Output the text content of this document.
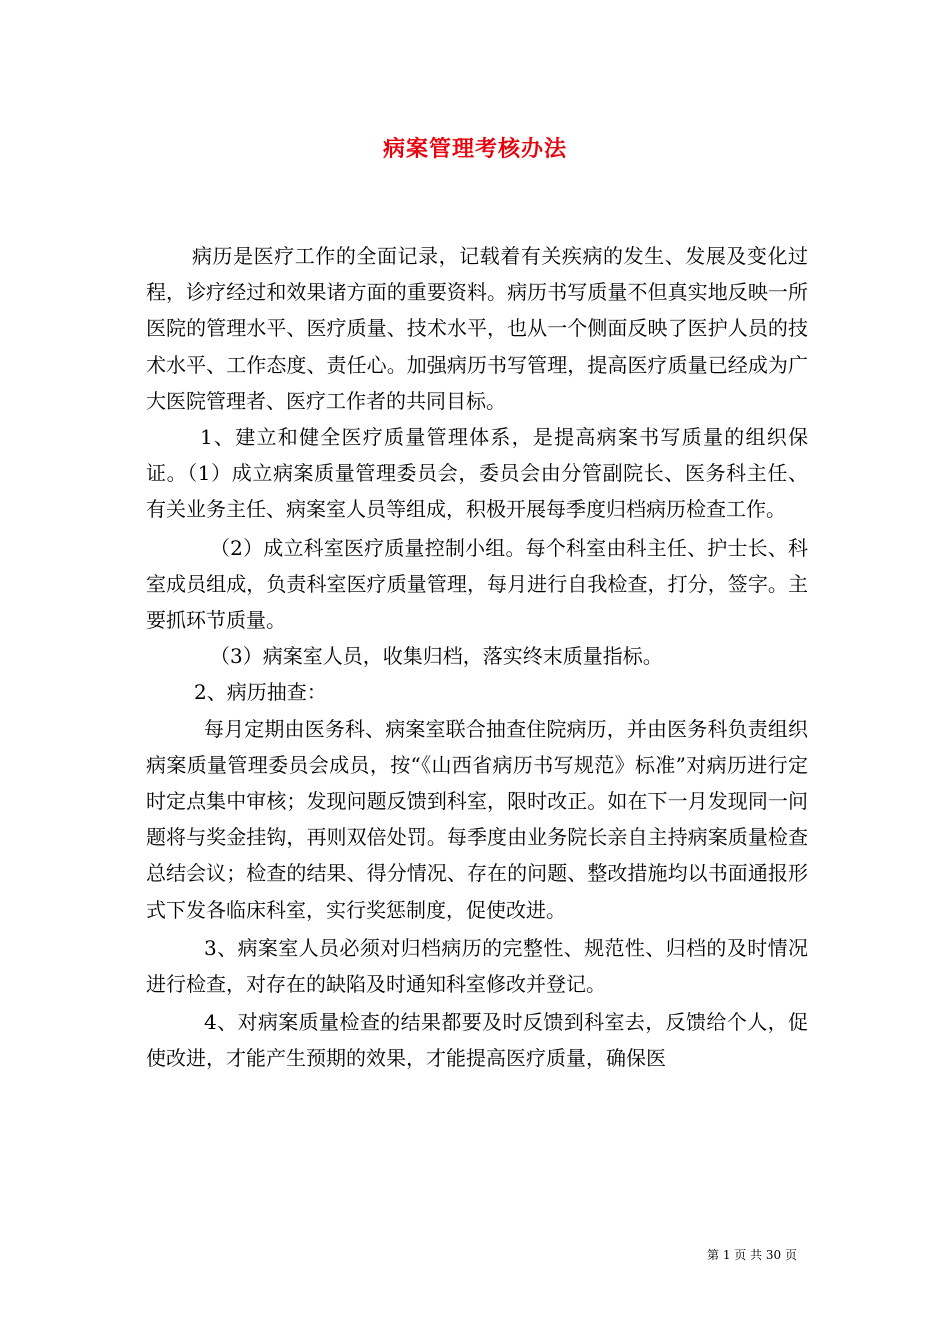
病案管理考核办法

病历是医疗工作的全面记录，记载着有关疾病的发生、发展及变化过程，诊疗经过和效果诸方面的重要资料。病历书写质量不但真实地反映一所医院的管理水平、医疗质量、技术水平，也从一个侧面反映了医护人员的技术水平、工作态度、责任心。加强病历书写管理，提高医疗质量已经成为广大医院管理者、医疗工作者的共同目标。

1、建立和健全医疗质量管理体系，是提高病案书写质量的组织保证。（1）成立病案质量管理委员会，委员会由分管副院长、医务科主任、有关业务主任、病案室人员等组成，积极开展每季度归档病历检查工作。

（2）成立科室医疗质量控制小组。每个科室由科主任、护士长、科室成员组成，负责科室医疗质量管理，每月进行自我检查，打分，签字。主要抓环节质量。

（3）病案室人员，收集归档，落实终末质量指标。

2、病历抽查：

每月定期由医务科、病案室联合抽查住院病历，并由医务科负责组织病案质量管理委员会成员，按“《山西省病历书写规范》标准”对病历进行定时定点集中审核；发现问题反馈到科室，限时改正。如在下一月发现同一问题将与奖金挂钩，再则双倍处罚。每季度由业务院长亲自主持病案质量检查总结会议；检查的结果、得分情况、存在的问题、整改措施均以书面通报形式下发各临床科室，实行奖惩制度，促使改进。

3、病案室人员必须对归档病历的完整性、规范性、归档的及时情况进行检查，对存在的缺陷及时通知科室修改并登记。

4、对病案质量检查的结果都要及时反馈到科室去，反馈给个人，促使改进，才能产生预期的效果，才能提高医疗质量，确保医

第 1 页 共 30 页
